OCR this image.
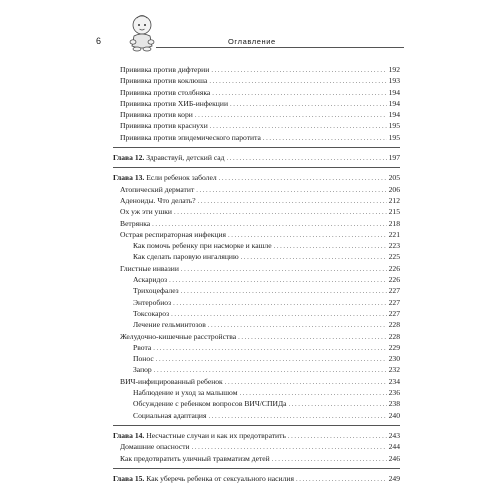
6	Оглавление
Прививка против дифтерии . . .	192
Прививка против коклюша . . .	193
Прививка против столбняка . . .	194
Прививка против ХИБ-инфекции . . .	194
Прививка против кори . . .	194
Прививка против краснухи . . .	195
Прививка против эпидемического паротита . . .	195
Глава 12. Здравствуй, детский сад . . .	197
Глава 13. Если ребенок заболел . . .	205
Атопический дерматит . . .	206
Аденоиды. Что делать? . . .	212
Ох уж эти ушки . . .	215
Ветрянка . . .	218
Острая респираторная инфекция . . .	221
Как помочь ребенку при насморке и кашле . . .	223
Как сделать паровую ингаляцию . . .	225
Глистные инвазии . . .	226
Аскаридоз . . .	226
Трихоцефалез . . .	227
Энтеробиоз . . .	227
Токсокароз . . .	227
Лечение гельминтозов . . .	228
Желудочно-кишечные расстройства . . .	228
Рвота . . .	229
Понос . . .	230
Запор . . .	232
ВИЧ-инфицированный ребенок . . .	234
Наблюдение и уход за малышом . . .	236
Обсуждение с ребенком вопросов ВИЧ/СПИДа . . .	238
Социальная адаптация . . .	240
Глава 14. Несчастные случаи и как их предотвратить . . .	243
Домашние опасности . . .	244
Как предотвратить уличный травматизм детей . . .	246
Глава 15. Как уберечь ребенка от сексуального насилия . . .	249
